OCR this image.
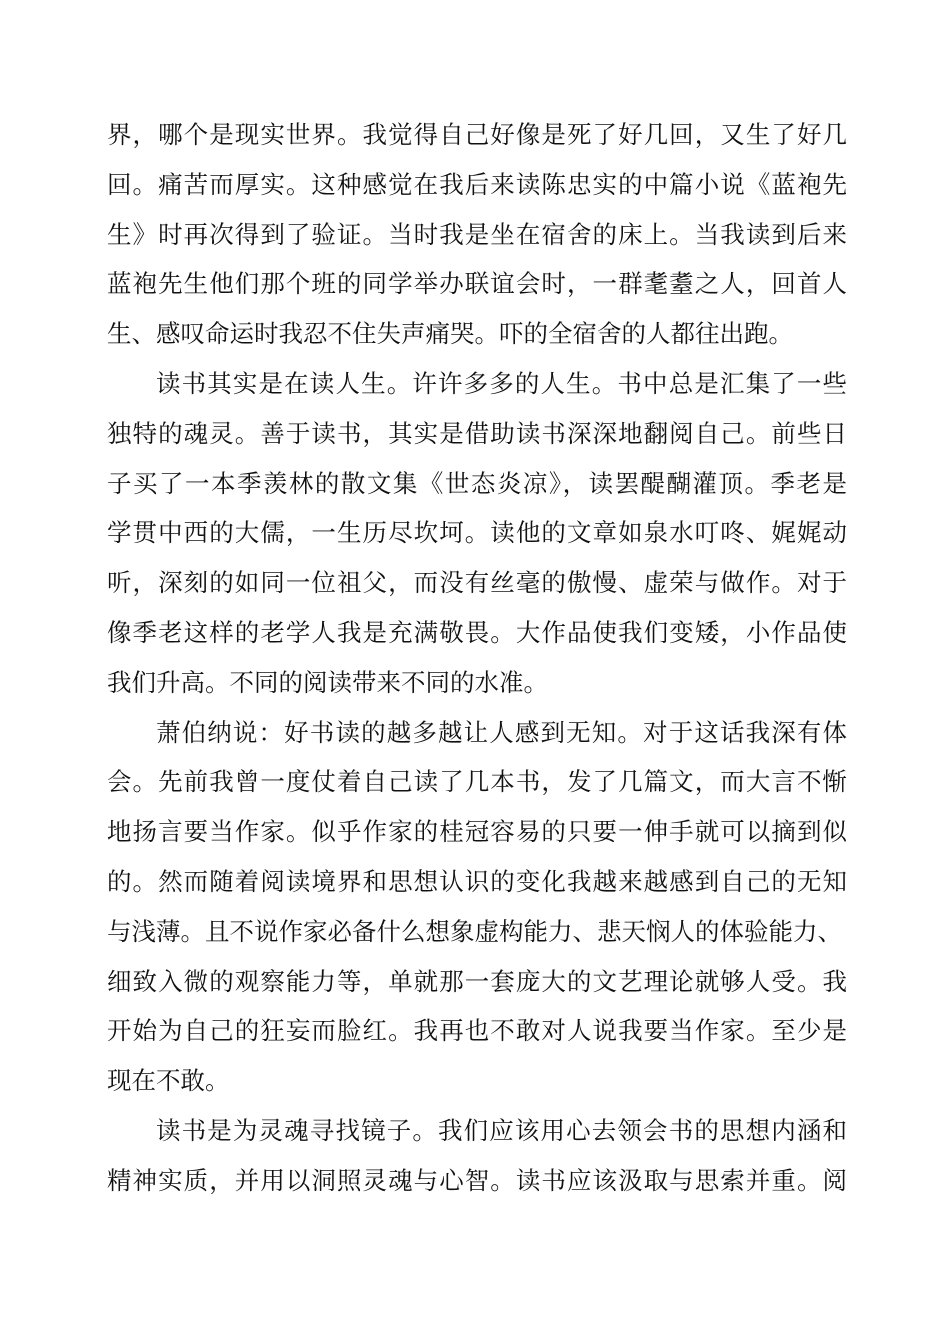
界，哪个是现实世界。我觉得自己好像是死了好几回，又生了好几
回。痛苦而厚实。这种感觉在我后来读陈忠实的中篇小说《蓝袍先
生》时再次得到了验证。当时我是坐在宿舍的床上。当我读到后来
蓝袍先生他们那个班的同学举办联谊会时，一群耄耋之人，回首人
生、感叹命运时我忍不住失声痛哭。吓的全宿舍的人都往出跑。
读书其实是在读人生。许许多多的人生。书中总是汇集了一些
独特的魂灵。善于读书，其实是借助读书深深地翻阅自己。前些日
子买了一本季羡林的散文集《世态炎凉》，读罢醍醐灌顶。季老是
学贯中西的大儒，一生历尽坎坷。读他的文章如泉水叮咚、娓娓动
听，深刻的如同一位祖父，而没有丝毫的傲慢、虚荣与做作。对于
像季老这样的老学人我是充满敬畏。大作品使我们变矮，小作品使
我们升高。不同的阅读带来不同的水准。
萧伯纳说：好书读的越多越让人感到无知。对于这话我深有体
会。先前我曾一度仗着自己读了几本书，发了几篇文，而大言不惭
地扬言要当作家。似乎作家的桂冠容易的只要一伸手就可以摘到似
的。然而随着阅读境界和思想认识的变化我越来越感到自己的无知
与浅薄。且不说作家必备什么想象虚构能力、悲天悯人的体验能力、
细致入微的观察能力等，单就那一套庞大的文艺理论就够人受。我
开始为自己的狂妄而脸红。我再也不敢对人说我要当作家。至少是
现在不敢。
读书是为灵魂寻找镜子。我们应该用心去领会书的思想内涵和
精神实质，并用以洞照灵魂与心智。读书应该汲取与思索并重。阅
